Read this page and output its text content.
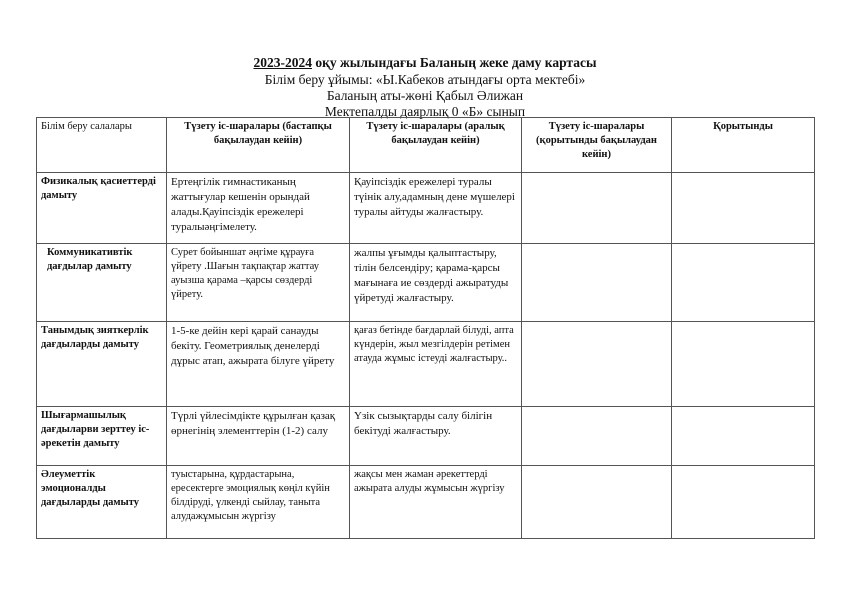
2023-2024 оқу жылындағы Баланың жеке даму картасы
Білім беру ұйымы: «Ы.Кабеков атындағы орта мектебі»
Баланың аты-жөні Қабыл Әлижан
Мектепалды даярлық 0 «Б» сынып
Білім беру салалары	Түзету іс-шаралары (бастапқы бақылаудан кейін)	Түзету іс-шаралары (аралық бақылаудан кейін)	Түзету іс-шаралары (қорытынды бақылаудан кейін)	Қорытынды
Физикалық қасиеттерді дамыту	Ертеңгілік гимнастиканың жаттығулар кешенін орындай алады.Қауіпсіздік ережелері туралыәңгімелету.	Қауіпсіздік ережелері туралы түінік алу,адамның дене мүшелері туралы айтуды жалғастыру.		
Коммуникативтік дағдылар дамыту	Сурет бойыншат әңгіме құрауға үйрету .Шағын тақпақтар жаттау ауызша қарама –қарсы сөздерді үйрету.	жалпы ұғымды қалыптастыру, тілін белсендіру; қарама-қарсы мағынаға ие сөздерді ажыратуды үйретуді жалғастыру.		
Танымдық зияткерлік дағдыларды дамыту	1-5-ке дейін кері қарай санауды бекіту. Геометриялық денелерді дұрыс атап, ажырата білуге үйрету	қағаз бетінде бағдарлай білуді, апта күндерін, жыл мезгілдерін ретімен атауда жұмыс істеуді жалғастыру..		
Шығармашылық дағдыларви зерттеу іс-әрекетін дамыту	Түрлі үйлесімдікте құрылған қазақ өрнегінің элементтерін (1-2) салу	Үзік сызықтарды салу білігін бекітуді жалғастыру.		
Әлеуметтік эмоционалды дағдыларды дамыту	туыстарына, құрдастарына, ересектерге эмоциялық көңіл күйін білдіруді, үлкенді сыйлау, таныта алудажұмысын жүргізу	жақсы мен жаман әрекеттерді ажырата алуды жұмысын жүргізу		
